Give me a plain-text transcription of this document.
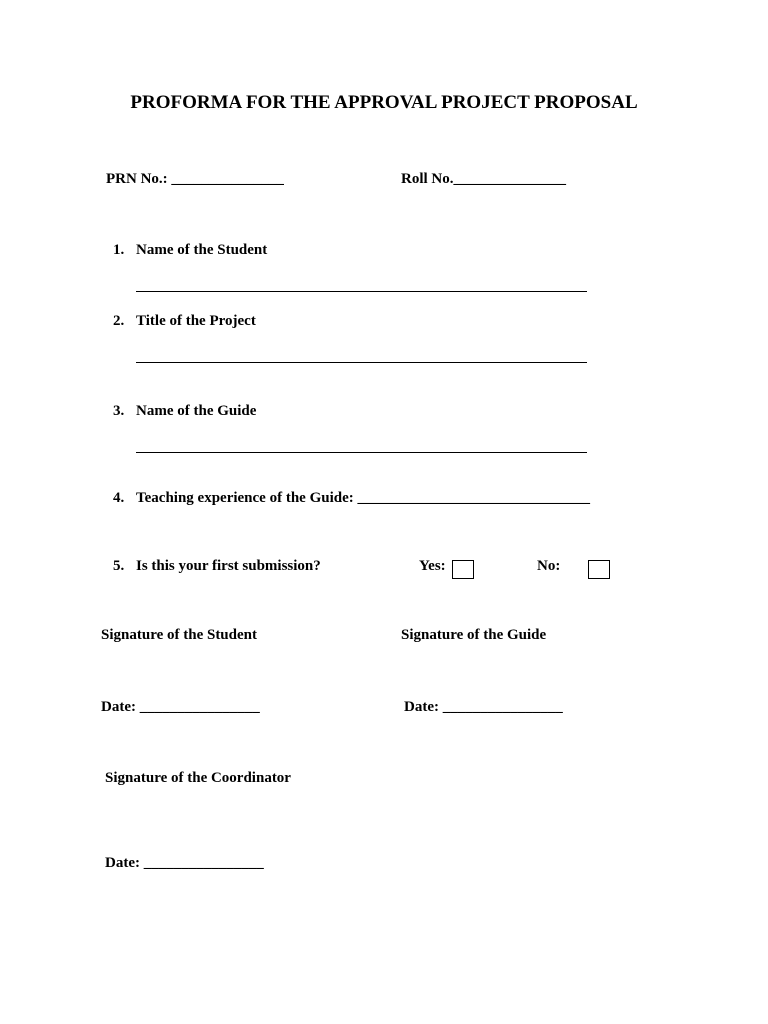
PROFORMA FOR THE APPROVAL PROJECT PROPOSAL
PRN No.: _______________	Roll No._______________
1. Name of the Student
2. Title of the Project
3. Name of the Guide
4. Teaching experience of the Guide: _______________________________
5. Is this your first submission?	Yes:	No:
Signature of the Student	Signature of the Guide
Date: ________________	Date: ________________
Signature of the Coordinator
Date: ________________
